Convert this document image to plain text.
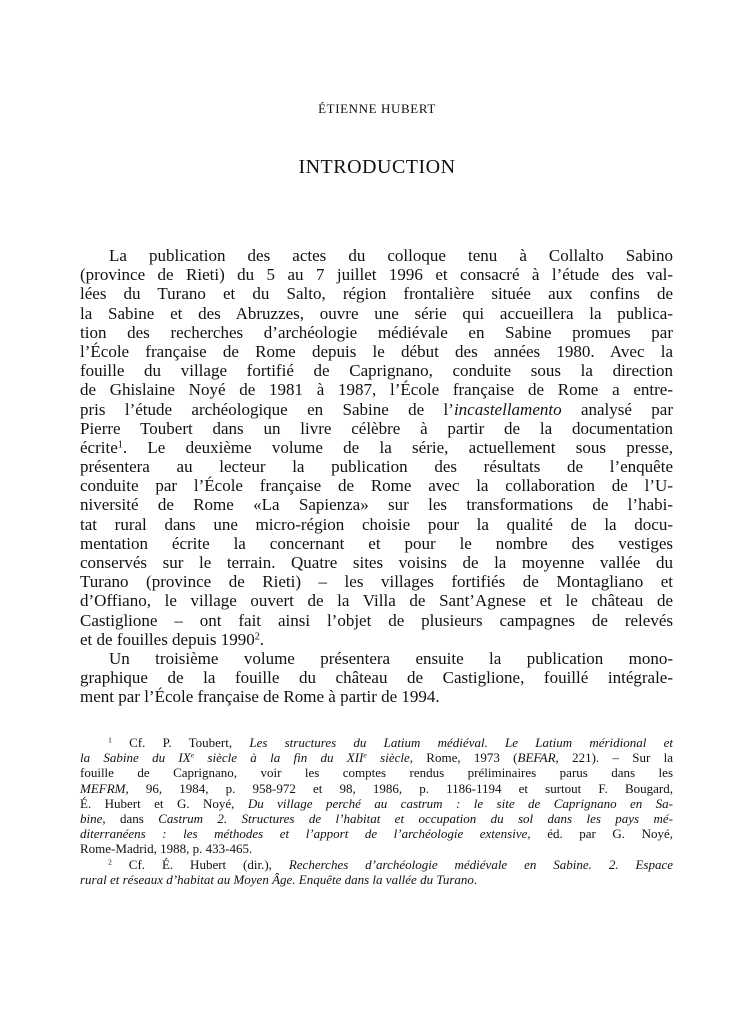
ÉTIENNE HUBERT
INTRODUCTION
La publication des actes du colloque tenu à Collalto Sabino
(province de Rieti) du 5 au 7 juillet 1996 et consacré à l’étude des val-
lées du Turano et du Salto, région frontalière située aux confins de
la Sabine et des Abruzzes, ouvre une série qui accueillera la publica-
tion des recherches d’archéologie médiévale en Sabine promues par
l’École française de Rome depuis le début des années 1980. Avec la
fouille du village fortifié de Caprignano, conduite sous la direction
de Ghislaine Noyé de 1981 à 1987, l’École française de Rome a entre-
pris l’étude archéologique en Sabine de l’incastellamento analysé par
Pierre Toubert dans un livre célèbre à partir de la documentation
écrite$^1$. Le deuxième volume de la série, actuellement sous presse,
présentera au lecteur la publication des résultats de l’enquête
conduite par l’École française de Rome avec la collaboration de l’U-
niversité de Rome «La Sapienza» sur les transformations de l’habi-
tat rural dans une micro-région choisie pour la qualité de la docu-
mentation écrite la concernant et pour le nombre des vestiges
conservés sur le terrain. Quatre sites voisins de la moyenne vallée du
Turano (province de Rieti) – les villages fortifiés de Montagliano et
d’Offiano, le village ouvert de la Villa de Sant’Agnese et le château de
Castiglione – ont fait ainsi l’objet de plusieurs campagnes de relevés
et de fouilles depuis 1990$^2$.
Un troisième volume présentera ensuite la publication mono-
graphique de la fouille du château de Castiglione, fouillé intégrale-
ment par l’École française de Rome à partir de 1994.
$^1$ Cf. P. Toubert, Les structures du Latium médiéval. Le Latium méridional et
la Sabine du IXe siècle à la fin du XIIe siècle, Rome, 1973 (BEFAR, 221). – Sur la
fouille de Caprignano, voir les comptes rendus préliminaires parus dans les
MEFRM, 96, 1984, p. 958-972 et 98, 1986, p. 1186-1194 et surtout F. Bougard,
É. Hubert et G. Noyé, Du village perché au castrum : le site de Caprignano en Sa-
bine, dans Castrum 2. Structures de l’habitat et occupation du sol dans les pays mé-
diterranéens : les méthodes et l’apport de l’archéologie extensive, éd. par G. Noyé,
Rome-Madrid, 1988, p. 433-465.
$^2$ Cf. É. Hubert (dir.), Recherches d’archéologie médiévale en Sabine. 2. Espace
rural et réseaux d’habitat au Moyen Âge. Enquête dans la vallée du Turano.
